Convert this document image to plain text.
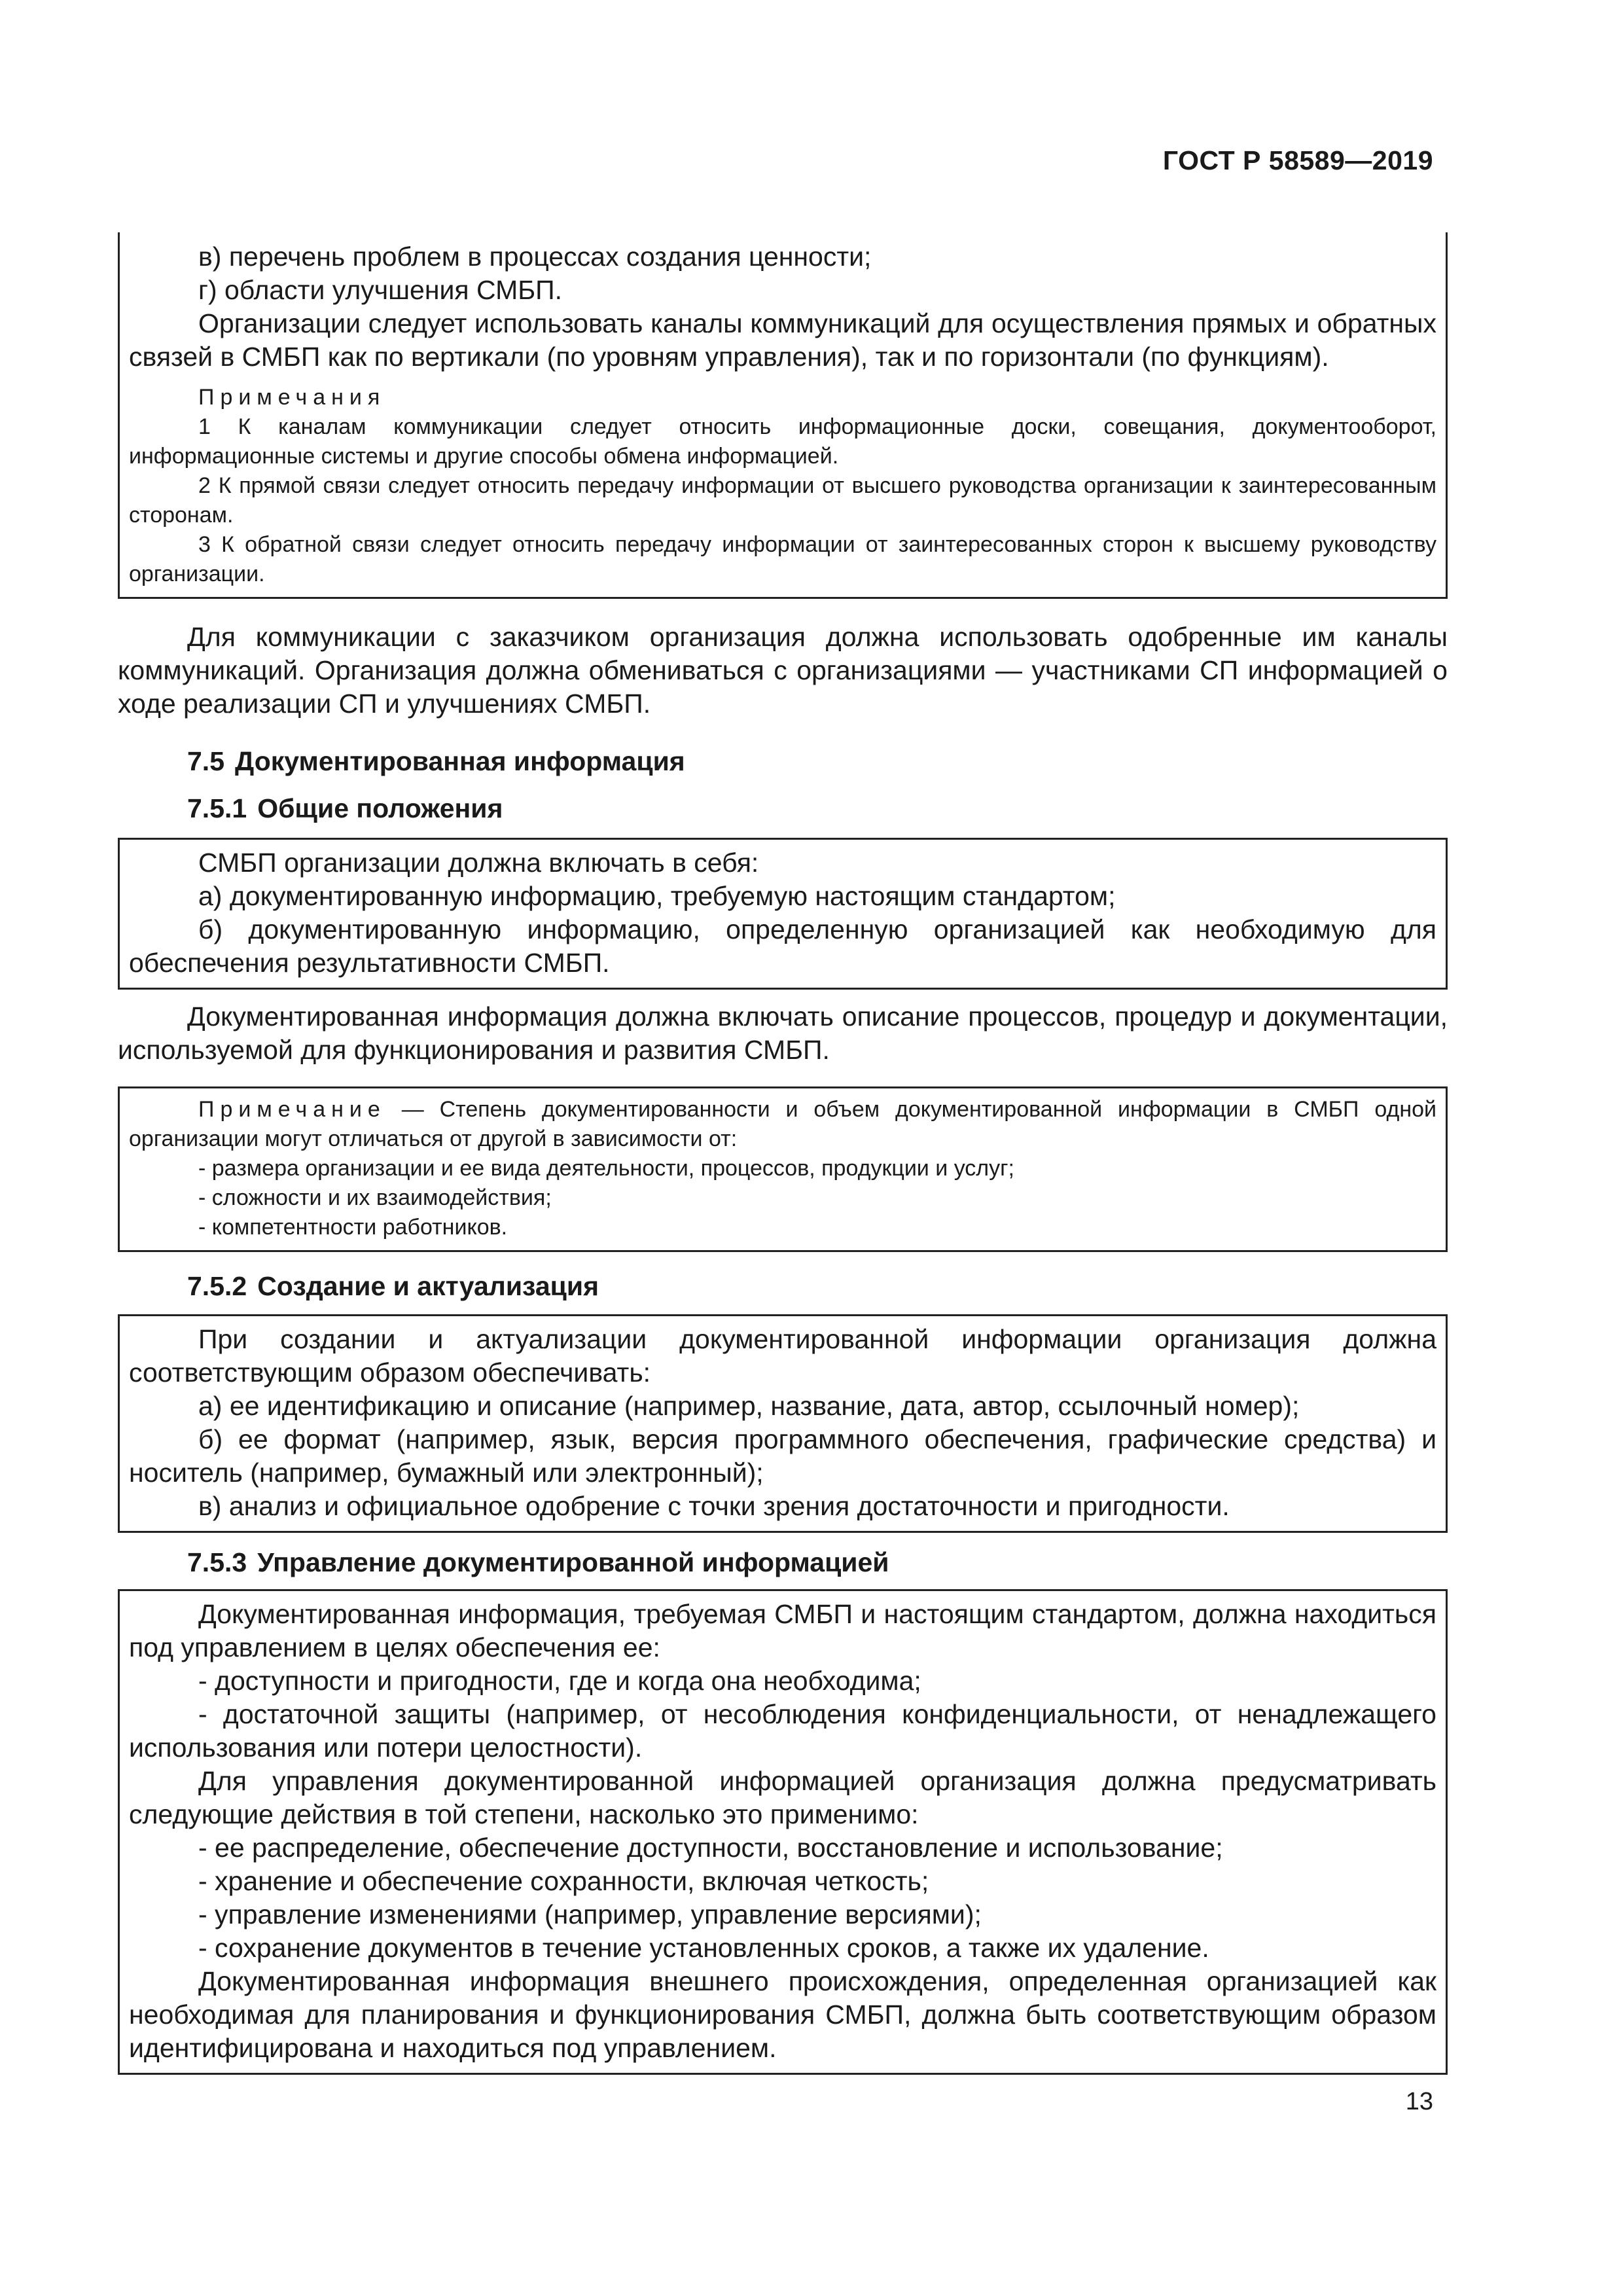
ГОСТ Р 58589—2019

в) перечень проблем в процессах создания ценности;

г) области улучшения СМБП.

Организации следует использовать каналы коммуникаций для осуществления прямых и обратных связей в СМБП как по вертикали (по уровням управления), так и по горизонтали (по функциям).

Примечания

1 К каналам коммуникации следует относить информационные доски, совещания, документооборот, информационные системы и другие способы обмена информацией.

2 К прямой связи следует относить передачу информации от высшего руководства организации к заинтересованным сторонам.

3 К обратной связи следует относить передачу информации от заинтересованных сторон к высшему руководству организации.

Для коммуникации с заказчиком организация должна использовать одобренные им каналы коммуникаций. Организация должна обмениваться с организациями — участниками СП информацией о ходе реализации СП и улучшениях СМБП.

7.5 Документированная информация
7.5.1 Общие положения

СМБП организации должна включать в себя:

а) документированную информацию, требуемую настоящим стандартом;

б) документированную информацию, определенную организацией как необходимую для обеспечения результативности СМБП.

Документированная информация должна включать описание процессов, процедур и документации, используемой для функционирования и развития СМБП.

Примечание — Степень документированности и объем документированной информации в СМБП одной организации могут отличаться от другой в зависимости от:

- размера организации и ее вида деятельности, процессов, продукции и услуг;

- сложности и их взаимодействия;

- компетентности работников.

7.5.2 Создание и актуализация

При создании и актуализации документированной информации организация должна соответствующим образом обеспечивать:

а) ее идентификацию и описание (например, название, дата, автор, ссылочный номер);

б) ее формат (например, язык, версия программного обеспечения, графические средства) и носитель (например, бумажный или электронный);

в) анализ и официальное одобрение с точки зрения достаточности и пригодности.

7.5.3 Управление документированной информацией

Документированная информация, требуемая СМБП и настоящим стандартом, должна находиться под управлением в целях обеспечения ее:

- доступности и пригодности, где и когда она необходима;

- достаточной защиты (например, от несоблюдения конфиденциальности, от ненадлежащего использования или потери целостности).

Для управления документированной информацией организация должна предусматривать следующие действия в той степени, насколько это применимо:

- ее распределение, обеспечение доступности, восстановление и использование;

- хранение и обеспечение сохранности, включая четкость;

- управление изменениями (например, управление версиями);

- сохранение документов в течение установленных сроков, а также их удаление.

Документированная информация внешнего происхождения, определенная организацией как необходимая для планирования и функционирования СМБП, должна быть соответствующим образом идентифицирована и находиться под управлением.

13
